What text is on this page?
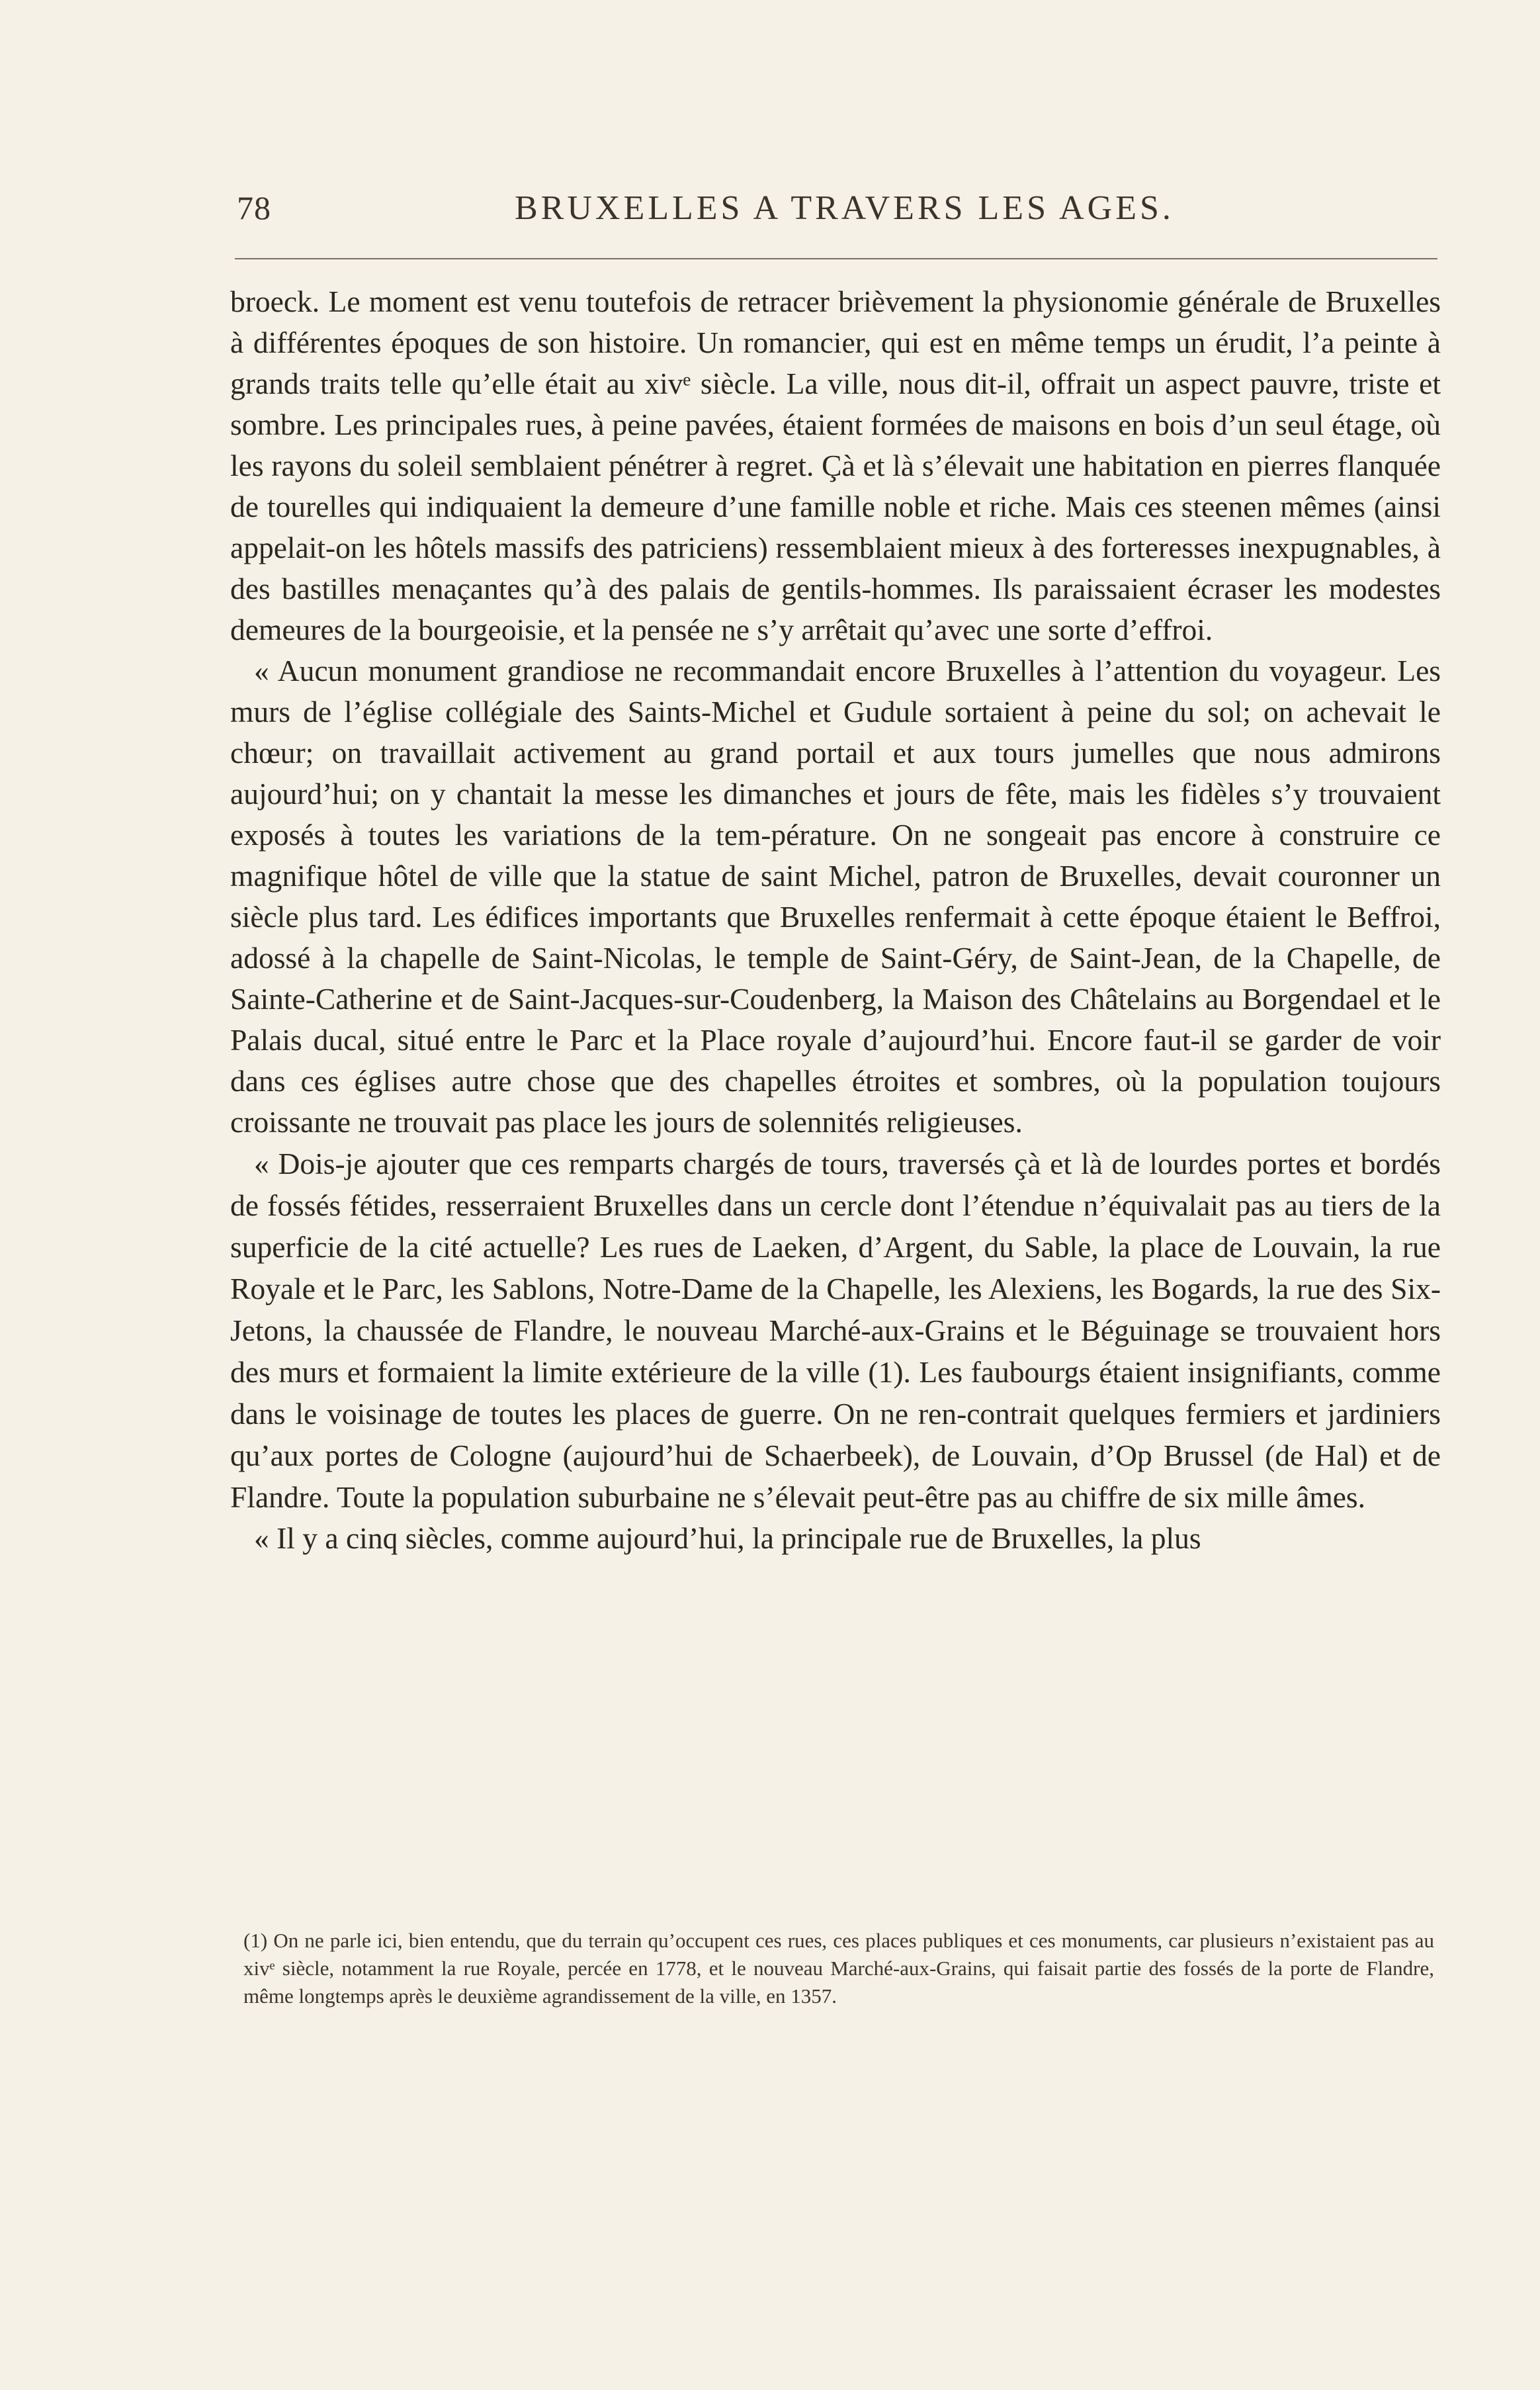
78	BRUXELLES A TRAVERS LES AGES.

broeck. Le moment est venu toutefois de retracer brièvement la physionomie générale de Bruxelles à différentes époques de son histoire. Un romancier, qui est en même temps un érudit, l’a peinte à grands traits telle qu’elle était au xivᵉ siècle. La ville, nous dit-il, offrait un aspect pauvre, triste et sombre. Les principales rues, à peine pavées, étaient formées de maisons en bois d’un seul étage, où les rayons du soleil semblaient pénétrer à regret. Çà et là s’élevait une habitation en pierres flanquée de tourelles qui indiquaient la demeure d’une famille noble et riche. Mais ces steenen mêmes (ainsi appelait-on les hôtels massifs des patriciens) ressemblaient mieux à des forteresses inexpugnables, à des bastilles menaçantes qu’à des palais de gentils-hommes. Ils paraissaient écraser les modestes demeures de la bourgeoisie, et la pensée ne s’y arrêtait qu’avec une sorte d’effroi.

« Aucun monument grandiose ne recommandait encore Bruxelles à l’attention du voyageur. Les murs de l’église collégiale des Saints-Michel et Gudule sortaient à peine du sol; on achevait le chœur; on travaillait activement au grand portail et aux tours jumelles que nous admirons aujourd’hui; on y chantait la messe les dimanches et jours de fête, mais les fidèles s’y trouvaient exposés à toutes les variations de la tem-pérature. On ne songeait pas encore à construire ce magnifique hôtel de ville que la statue de saint Michel, patron de Bruxelles, devait couronner un siècle plus tard. Les édifices importants que Bruxelles renfermait à cette époque étaient le Beffroi, adossé à la chapelle de Saint-Nicolas, le temple de Saint-Géry, de Saint-Jean, de la Chapelle, de Sainte-Catherine et de Saint-Jacques-sur-Coudenberg, la Maison des Châtelains au Borgendael et le Palais ducal, situé entre le Parc et la Place royale d’aujourd’hui. Encore faut-il se garder de voir dans ces églises autre chose que des chapelles étroites et sombres, où la population toujours croissante ne trouvait pas place les jours de solennités religieuses.

« Dois-je ajouter que ces remparts chargés de tours, traversés çà et là de lourdes portes et bordés de fossés fétides, resserraient Bruxelles dans un cercle dont l’étendue n’équivalait pas au tiers de la superficie de la cité actuelle? Les rues de Laeken, d’Argent, du Sable, la place de Louvain, la rue Royale et le Parc, les Sablons, Notre-Dame de la Chapelle, les Alexiens, les Bogards, la rue des Six-Jetons, la chaussée de Flandre, le nouveau Marché-aux-Grains et le Béguinage se trouvaient hors des murs et formaient la limite extérieure de la ville (1). Les faubourgs étaient insignifiants, comme dans le voisinage de toutes les places de guerre. On ne ren-contrait quelques fermiers et jardiniers qu’aux portes de Cologne (aujourd’hui de Schaerbeek), de Louvain, d’Op Brussel (de Hal) et de Flandre. Toute la population suburbaine ne s’élevait peut-être pas au chiffre de six mille âmes.

« Il y a cinq siècles, comme aujourd’hui, la principale rue de Bruxelles, la plus

(1) On ne parle ici, bien entendu, que du terrain qu’occupent ces rues, ces places publiques et ces monuments, car plusieurs n’existaient pas au xivᵉ siècle, notamment la rue Royale, percée en 1778, et le nouveau Marché-aux-Grains, qui faisait partie des fossés de la porte de Flandre, même longtemps après le deuxième agrandissement de la ville, en 1357.
